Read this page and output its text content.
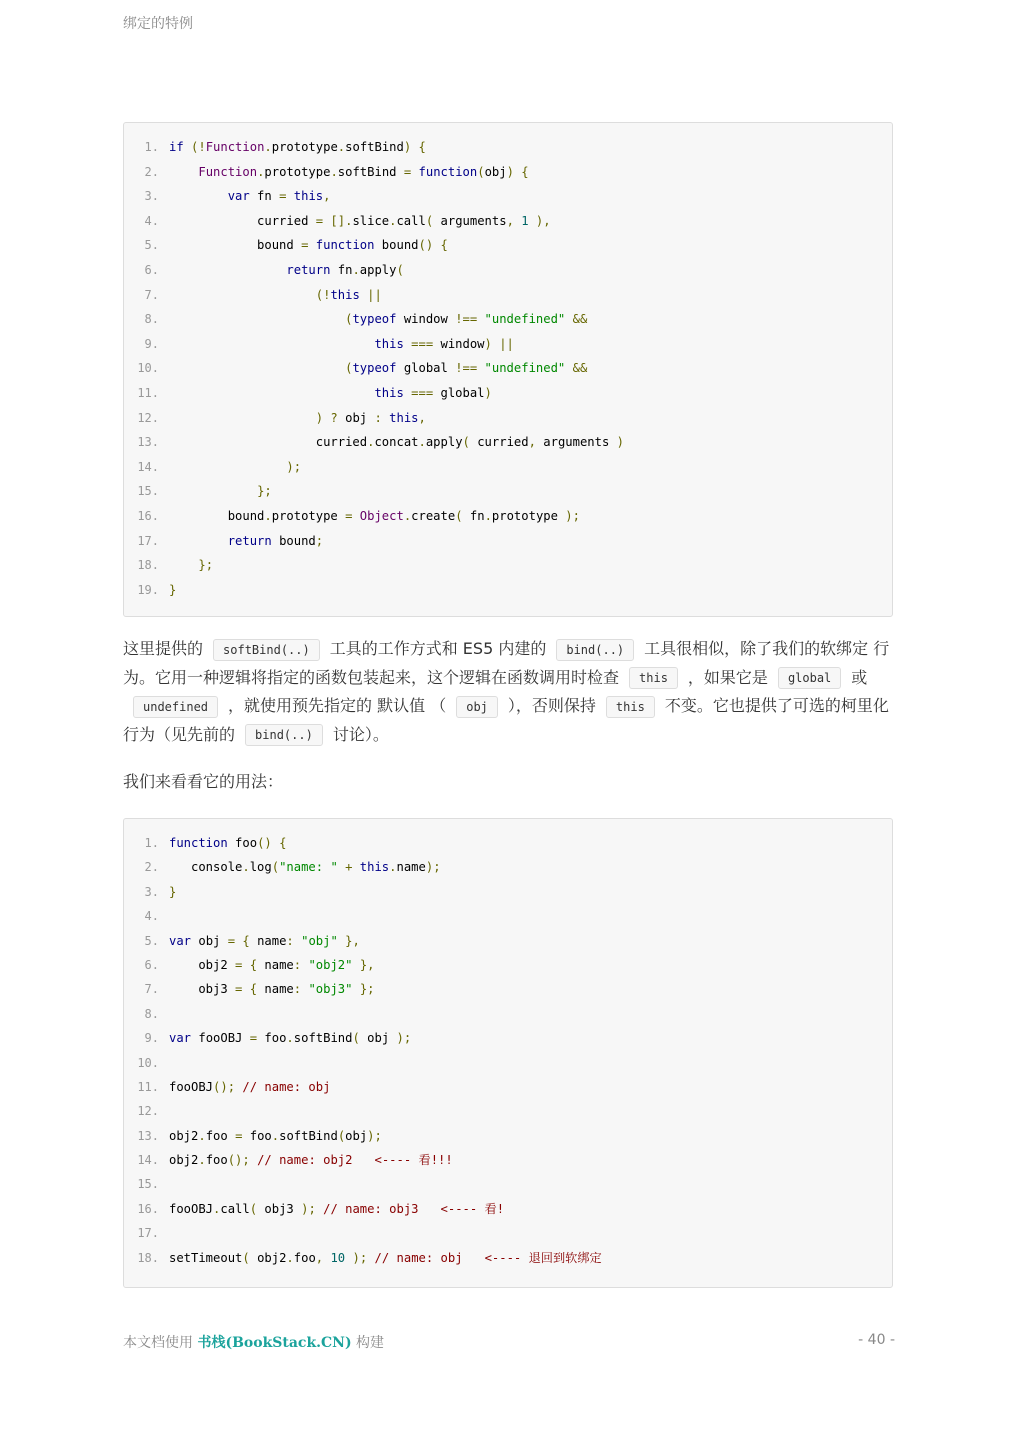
绑定的特例
1. if (!Function.prototype.softBind) {
2.	Function.prototype.softBind = function(obj) {
3.	var fn = this,
4. curried = [].slice.call( arguments, 1 ),
5. bound = function bound() {
6.	return fn.apply(
7.	(!this ||
8.	(typeof window !== "undefined" &&
9.	this === window) ||
10.	(typeof global !== "undefined" &&
11.	this === global)
12.	) ? obj : this,
13. curried.concat.apply( curried, arguments )
14.	);
15.	};
16. bound.prototype = Object.create( fn.prototype );
17.	return bound;
18.	};
19. }
这里提供的 softBind(..) 工具的工作方式和 ES5 内建的 bind(..) 工具很相似，除了我们的软绑定 行为。它用一种逻辑将指定的函数包装起来，这个逻辑在函数调用时检查 this ，如果它是 global 或undefined ，就使用预先指定的 默认值 （ obj ），否则保持 this 不变。它也提供了可选的柯里化行为（见先前的 bind(..) 讨论）。
我们来看看它的用法：
1. function foo() {
2. console.log("name: " + this.name);
3. }
4.
5. var obj = { name: "obj" },
6. obj2 = { name: "obj2" },
7. obj3 = { name: "obj3" };
8.
9. var fooOBJ = foo.softBind( obj );
10.
11. fooOBJ(); // name: obj
12.
13. obj2.foo = foo.softBind(obj);
14. obj2.foo(); // name: obj2   <---- 看!!!
15.
16. fooOBJ.call( obj3 ); // name: obj3   <---- 看!
17.
18. setTimeout( obj2.foo, 10 ); // name: obj   <---- 退回到软绑定
本文档使用 书栈(BookStack.CN) 构建	- 40 -
